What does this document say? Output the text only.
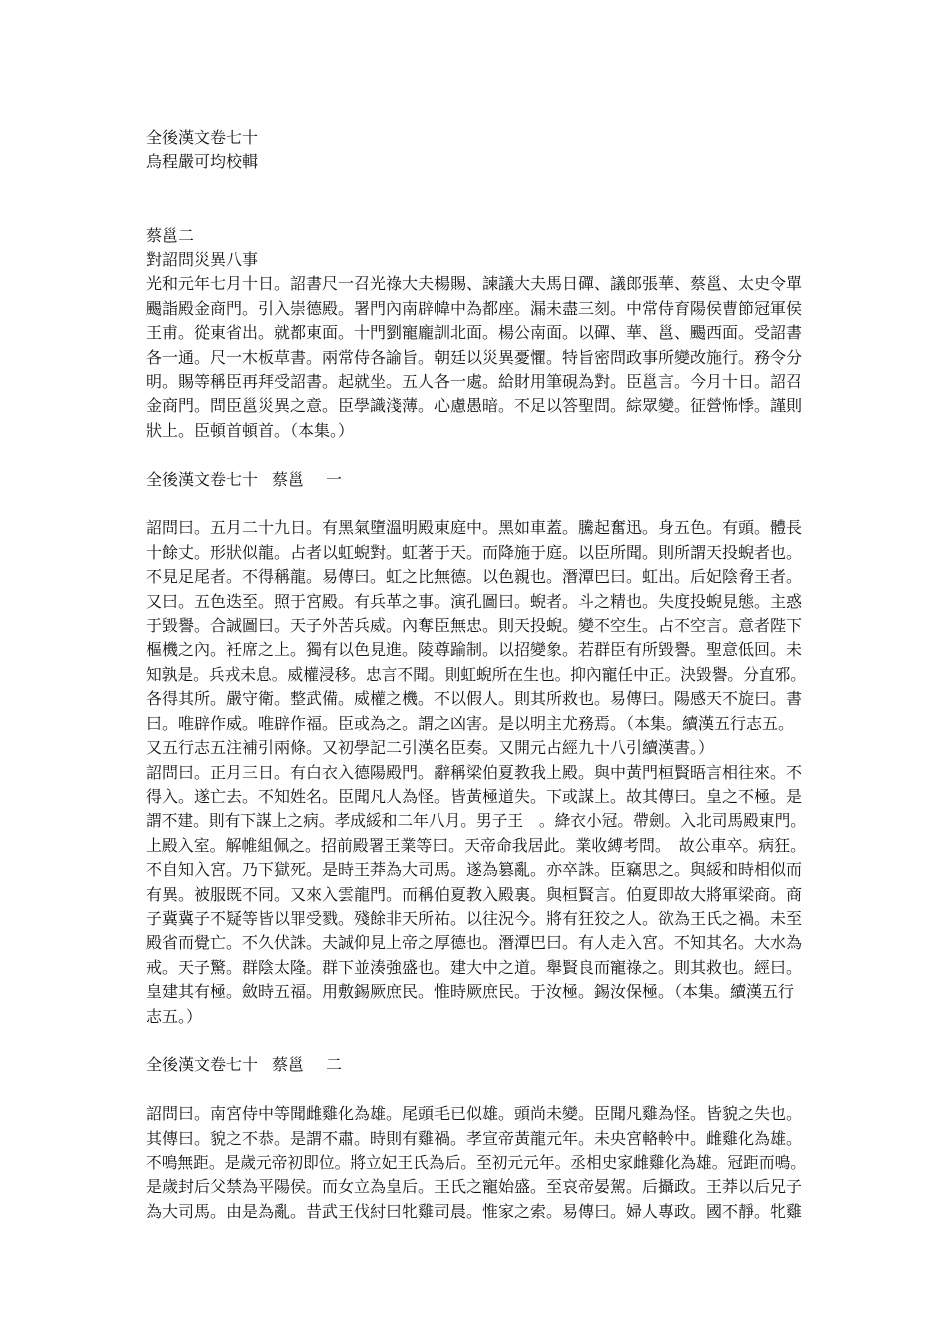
全後漢文卷七十
烏程嚴可均校輯
蔡邕二
對詔問災異八事
光和元年七月十日。詔書尺一召光祿大夫楊賜、諫議大夫馬日磾、議郎張華、蔡邕、太史令單
颺詣殿金商門。引入崇德殿。署門內南辟幃中為都座。漏未盡三刻。中常侍育陽侯曹節冠軍侯
王甫。從東省出。就都東面。十門劉寵龐訓北面。楊公南面。以磾、華、邕、颺西面。受詔書
各一通。尺一木板草書。兩常侍各諭旨。朝廷以災異憂懼。特旨密問政事所變改施行。務令分
明。賜等稱臣再拜受詔書。起就坐。五人各一處。給財用筆硯為對。臣邕言。今月十日。詔召
金商門。問臣邕災異之意。臣學識淺薄。心慮愚暗。不足以答聖問。綜眾變。征營怖悸。謹則
狀上。臣頓首頓首。（本集。）
全後漢文卷七十 蔡邕 一
詔問曰。五月二十九日。有黑氣墮溫明殿東庭中。黑如車蓋。騰起奮迅。身五色。有頭。體長
十餘丈。形狀似龍。占者以虹蜺對。虹著于天。而降施于庭。以臣所聞。則所謂天投蜺者也。
不見足尾者。不得稱龍。易傳曰。虹之比無德。以色親也。潛潭巴曰。虹出。后妃陰脅王者。
又曰。五色迭至。照于宮殿。有兵革之事。演孔圖曰。蜺者。斗之精也。失度投蜺見態。主惑
于毀譽。合誠圖曰。天子外苦兵威。內奪臣無忠。則天投蜺。變不空生。占不空言。意者陛下
樞機之內。衽席之上。獨有以色見進。陵尊踰制。以招變象。若群臣有所毀譽。聖意低回。未
知孰是。兵戎未息。威權浸移。忠言不聞。則虹蜺所在生也。抑內寵任中正。決毀譽。分直邪。
各得其所。嚴守衛。整武備。威權之機。不以假人。則其所救也。易傳曰。陽感天不旋曰。書
曰。唯辟作威。唯辟作福。臣或為之。謂之凶害。是以明主尤務焉。（本集。續漢五行志五。
又五行志五注補引兩條。又初學記二引漢名臣奏。又開元占經九十八引續漢書。）
詔問曰。正月三日。有白衣入德陽殿門。辭稱梁伯夏教我上殿。與中黃門桓賢晤言相往來。不
得入。遂亡去。不知姓名。臣聞凡人為怪。皆黃極道失。下或謀上。故其傳曰。皇之不極。是
謂不建。則有下謀上之病。孝成綏和二年八月。男子王　。絳衣小冠。帶劍。入北司馬殿東門。
上殿入室。解帷組佩之。招前殿署王業等曰。天帝命我居此。業收縛考問。　故公車卒。病狂。
不自知入宮。乃下獄死。是時王莽為大司馬。遂為篡亂。亦卒誅。臣竊思之。與綏和時相似而
有異。被服既不同。又來入雲龍門。而稱伯夏教入殿裏。與桓賢言。伯夏即故大將軍梁商。商
子冀冀子不疑等皆以罪受戮。殘餘非天所祐。以往況今。將有狂狡之人。欲為王氏之禍。未至
殿省而覺亡。不久伏誅。夫誠仰見上帝之厚德也。潛潭巴曰。有人走入宮。不知其名。大水為
戒。天子驚。群陰太隆。群下並湊強盛也。建大中之道。舉賢良而寵祿之。則其救也。經曰。
皇建其有極。斂時五福。用敷錫厥庶民。惟時厥庶民。于汝極。錫汝保極。（本集。續漢五行
志五。）
全後漢文卷七十 蔡邕 二
詔問曰。南宮侍中等聞雌雞化為雄。尾頭毛已似雄。頭尚未變。臣聞凡雞為怪。皆貌之失也。
其傳曰。貌之不恭。是謂不肅。時則有雞禍。孝宣帝黃龍元年。未央宮輅軨中。雌雞化為雄。
不鳴無距。是歲元帝初即位。將立妃王氏為后。至初元元年。丞相史家雌雞化為雄。冠距而鳴。
是歲封后父禁為平陽侯。而女立為皇后。王氏之寵始盛。至哀帝晏駕。后攝政。王莽以后兄子
為大司馬。由是為亂。昔武王伐紂曰牝雞司晨。惟家之索。易傳曰。婦人專政。國不靜。牝雞
